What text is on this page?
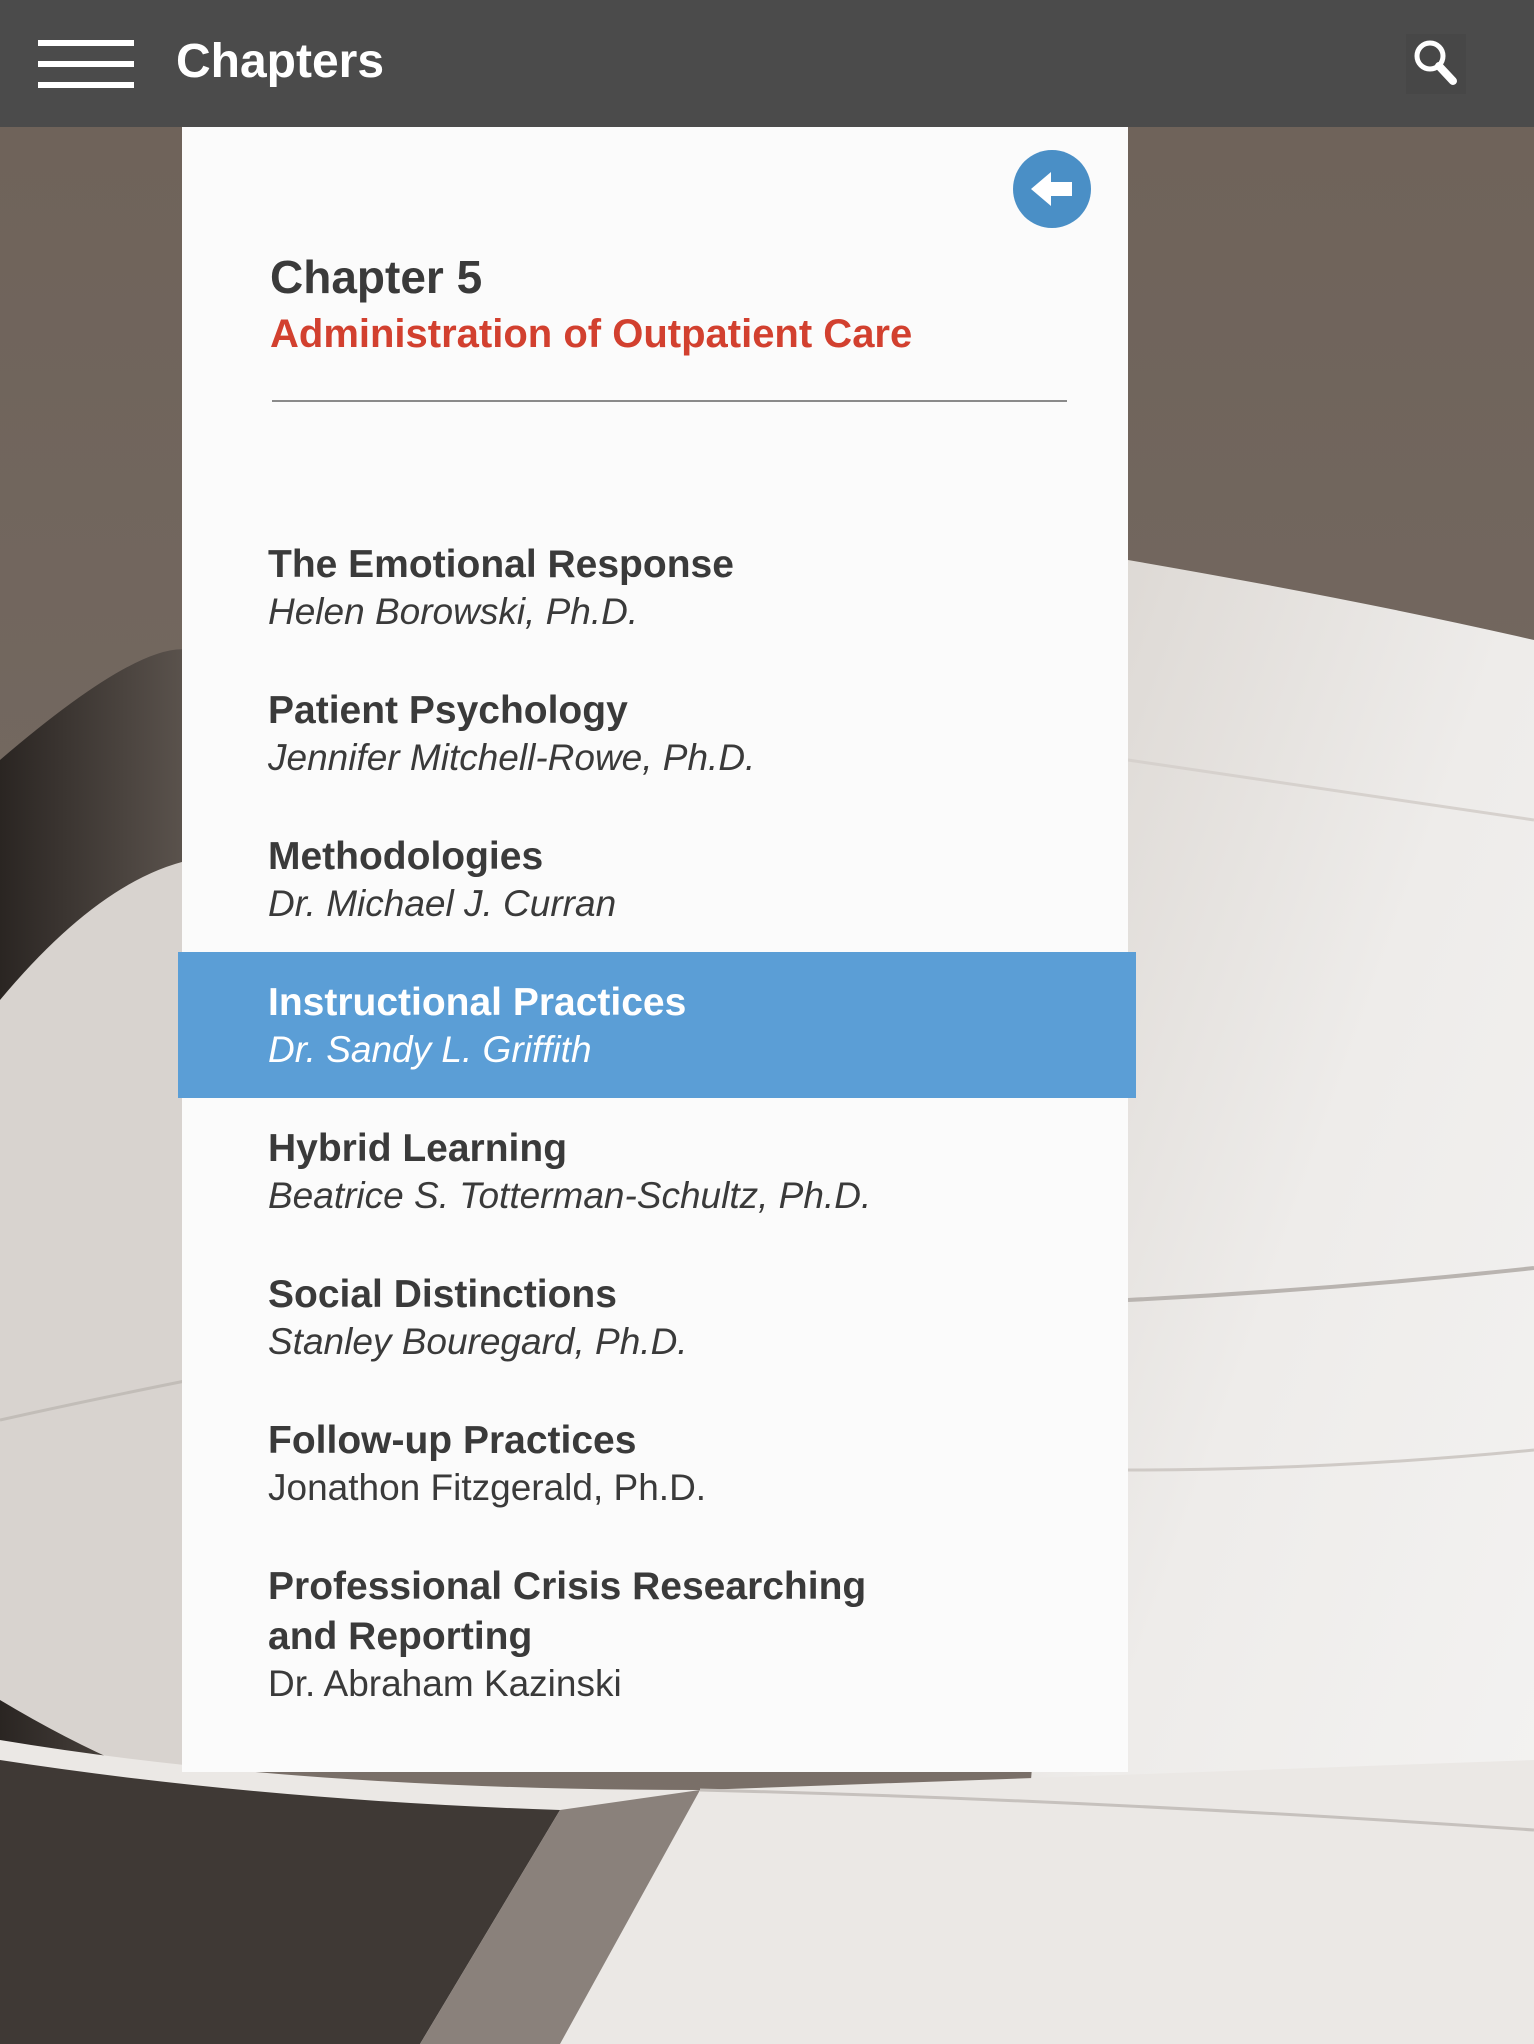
Chapters
Chapter 5
Administration of Outpatient Care
The Emotional Response
Helen Borowski, Ph.D.
Patient Psychology
Jennifer Mitchell-Rowe, Ph.D.
Methodologies
Dr. Michael J. Curran
Instructional Practices
Dr. Sandy L. Griffith
Hybrid Learning
Beatrice S. Totterman-Schultz, Ph.D.
Social Distinctions
Stanley Bouregard, Ph.D.
Follow-up Practices
Jonathon Fitzgerald, Ph.D.
Professional Crisis Researching and Reporting
Dr. Abraham Kazinski
